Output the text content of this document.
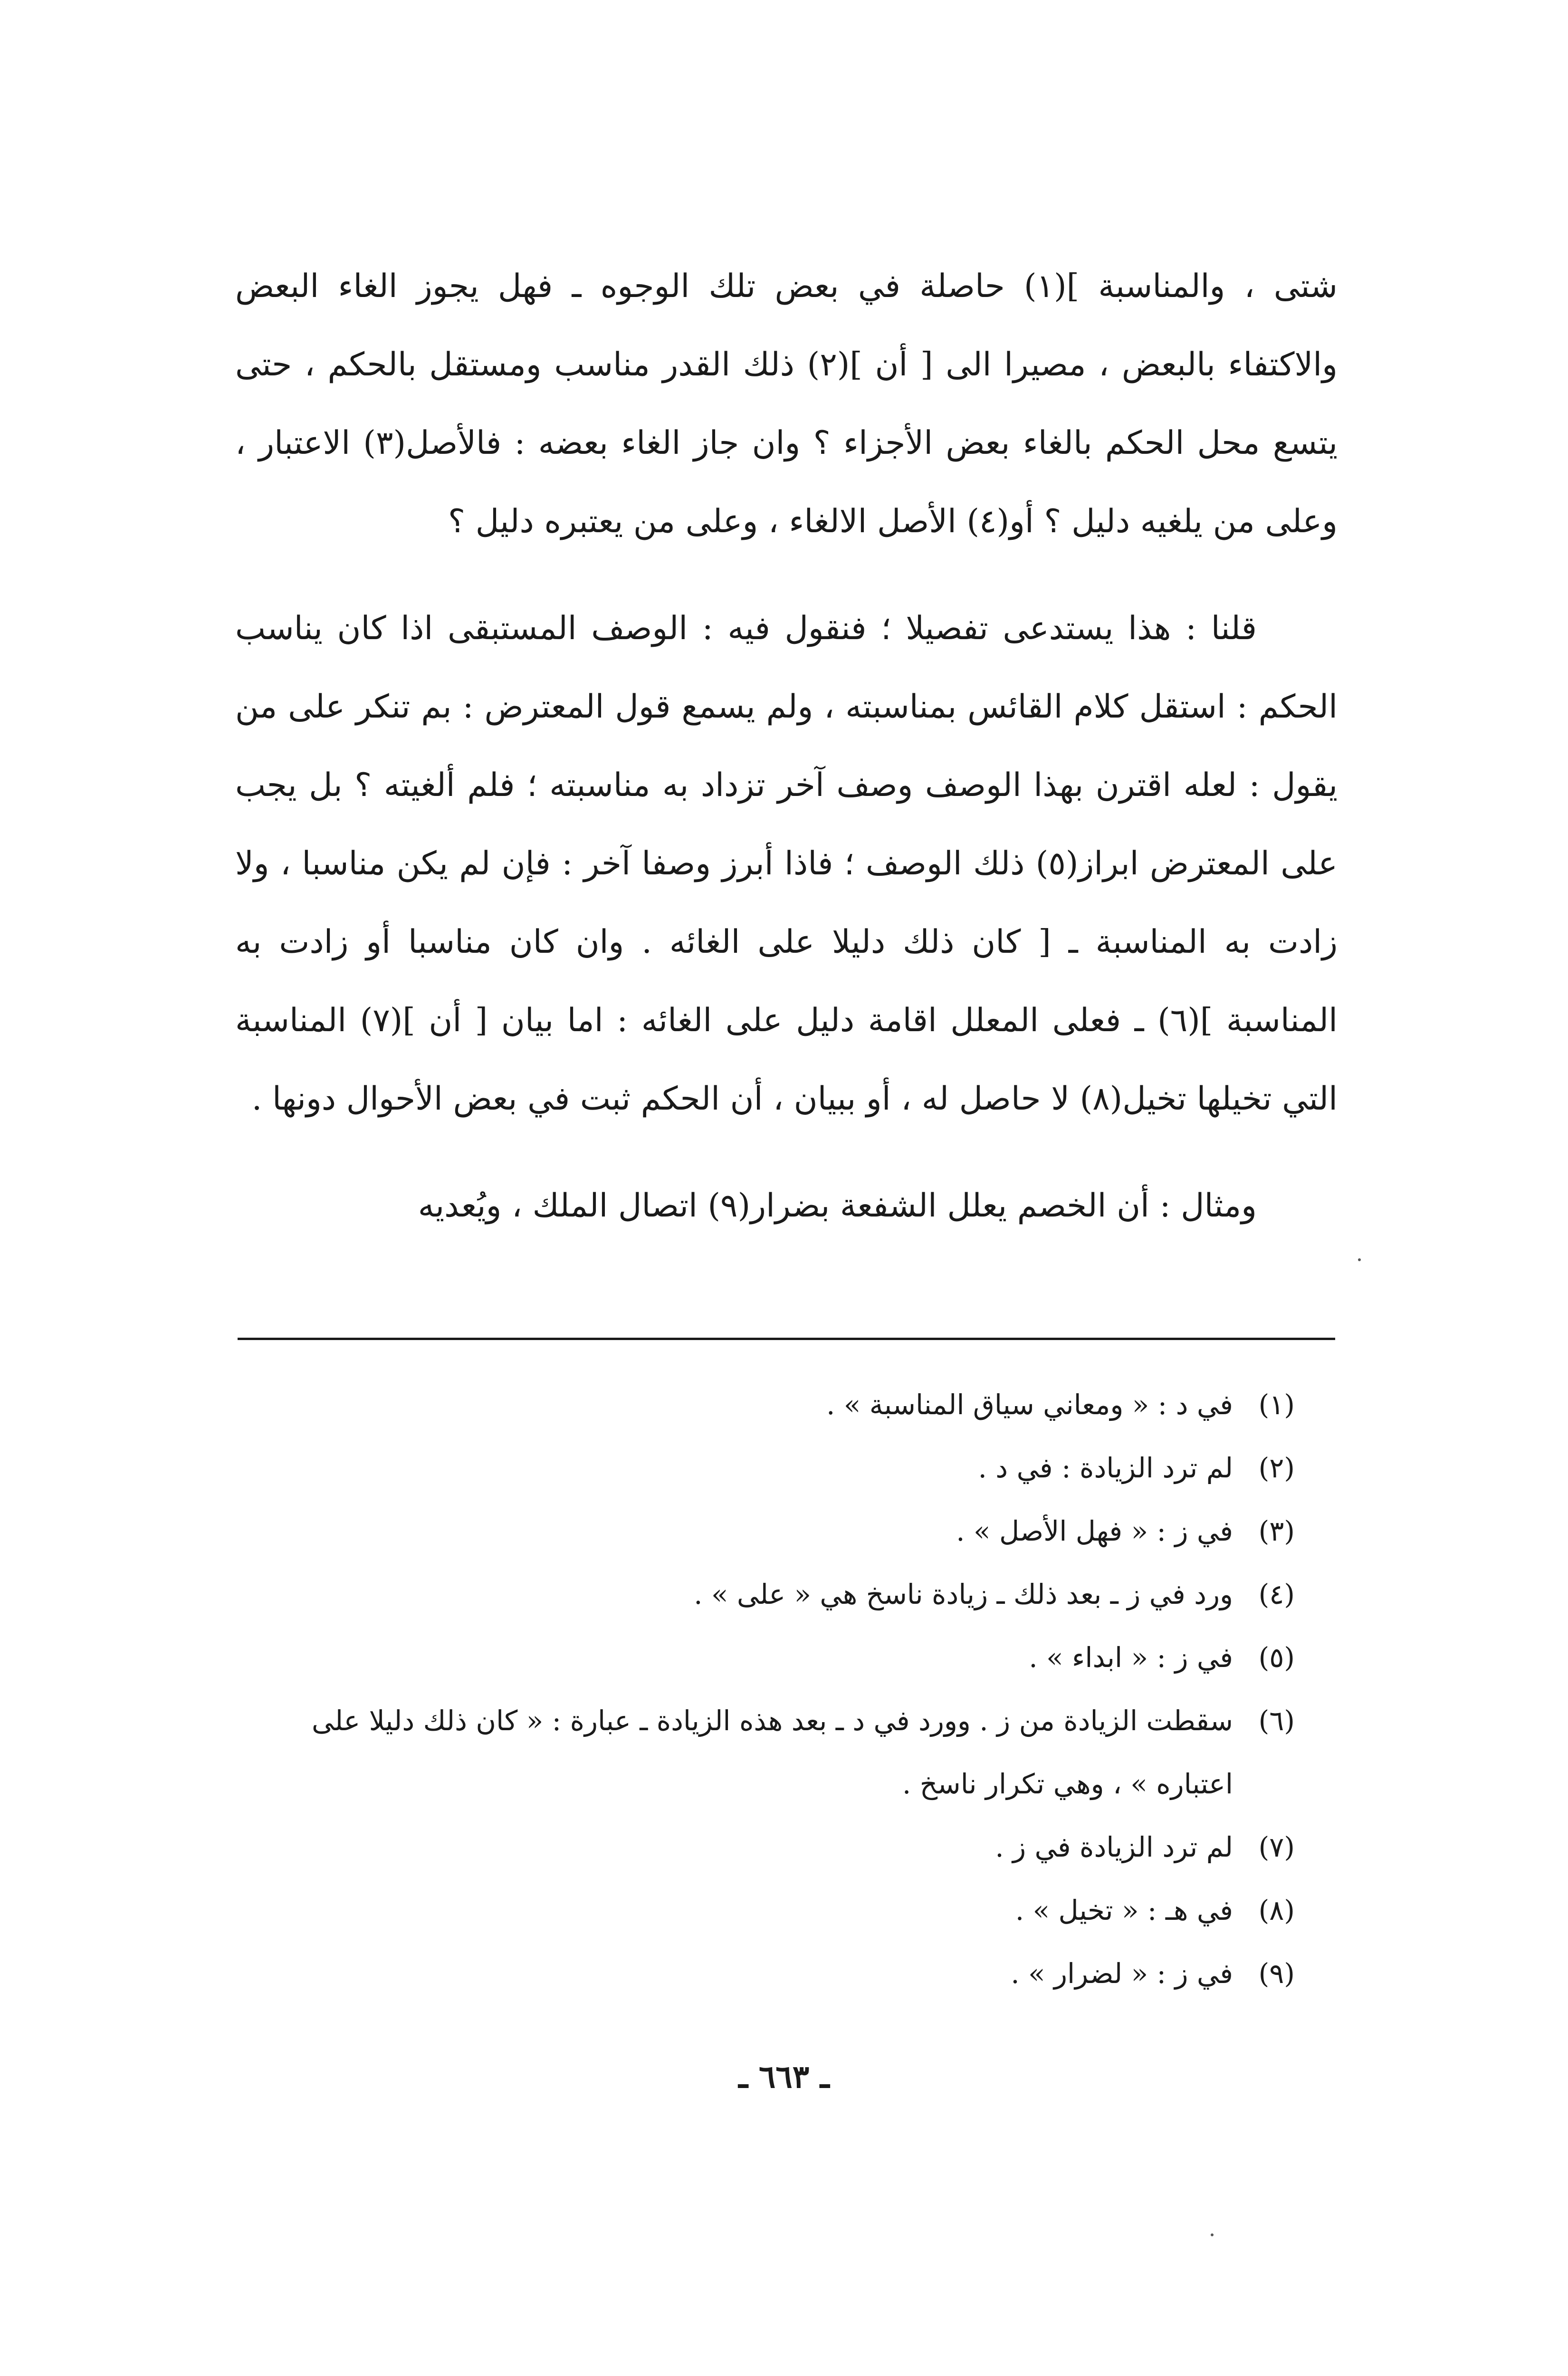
شتى ، والمناسبة ](١) حاصلة في بعض تلك الوجوه ـ فهل يجوز الغاء البعض والاكتفاء بالبعض ، مصيرا الى [ أن ](٢) ذلك القدر مناسب ومستقل بالحكم ، حتى يتسع محل الحكم بالغاء بعض الأجزاء ؟ وان جاز الغاء بعضه : فالأصل(٣) الاعتبار ، وعلى من يلغيه دليل ؟ أو(٤) الأصل الالغاء ، وعلى من يعتبره دليل ؟

قلنا : هذا يستدعى تفصيلا ؛ فنقول فيه : الوصف المستبقى اذا كان يناسب الحكم : استقل كلام القائس بمناسبته ، ولم يسمع قول المعترض : بم تنكر على من يقول : لعله اقترن بهذا الوصف وصف آخر تزداد به مناسبته ؛ فلم ألغيته ؟ بل يجب على المعترض ابراز(٥) ذلك الوصف ؛ فاذا أبرز وصفا آخر : فإن لم يكن مناسبا ، ولا زادت به المناسبة ـ [ كان ذلك دليلا على الغائه . وان كان مناسبا أو زادت به المناسبة ](٦) ـ فعلى المعلل اقامة دليل على الغائه : اما بيان [ أن ](٧) المناسبة التي تخيلها تخيل(٨) لا حاصل له ، أو ببيان ، أن الحكم ثبت في بعض الأحوال دونها .

ومثال : أن الخصم يعلل الشفعة بضرار(٩) اتصال الملك ، ويُعديه

(١)
في د : « ومعاني سياق المناسبة » .

(٢)
لم ترد الزيادة : في د .

(٣)
في ز : « فهل الأصل » .

(٤)
ورد في ز ـ بعد ذلك ـ زيادة ناسخ هي « على » .

(٥)
في ز : « ابداء » .

(٦)
سقطت الزيادة من ز . وورد في د ـ بعد هذه الزيادة ـ عبارة : « كان ذلك دليلا على اعتباره » ، وهي تكرار ناسخ .

(٧)
لم ترد الزيادة في ز .

(٨)
في هـ : « تخيل » .

(٩)
في ز : « لضرار » .

ـ ٦٦٣ ـ
